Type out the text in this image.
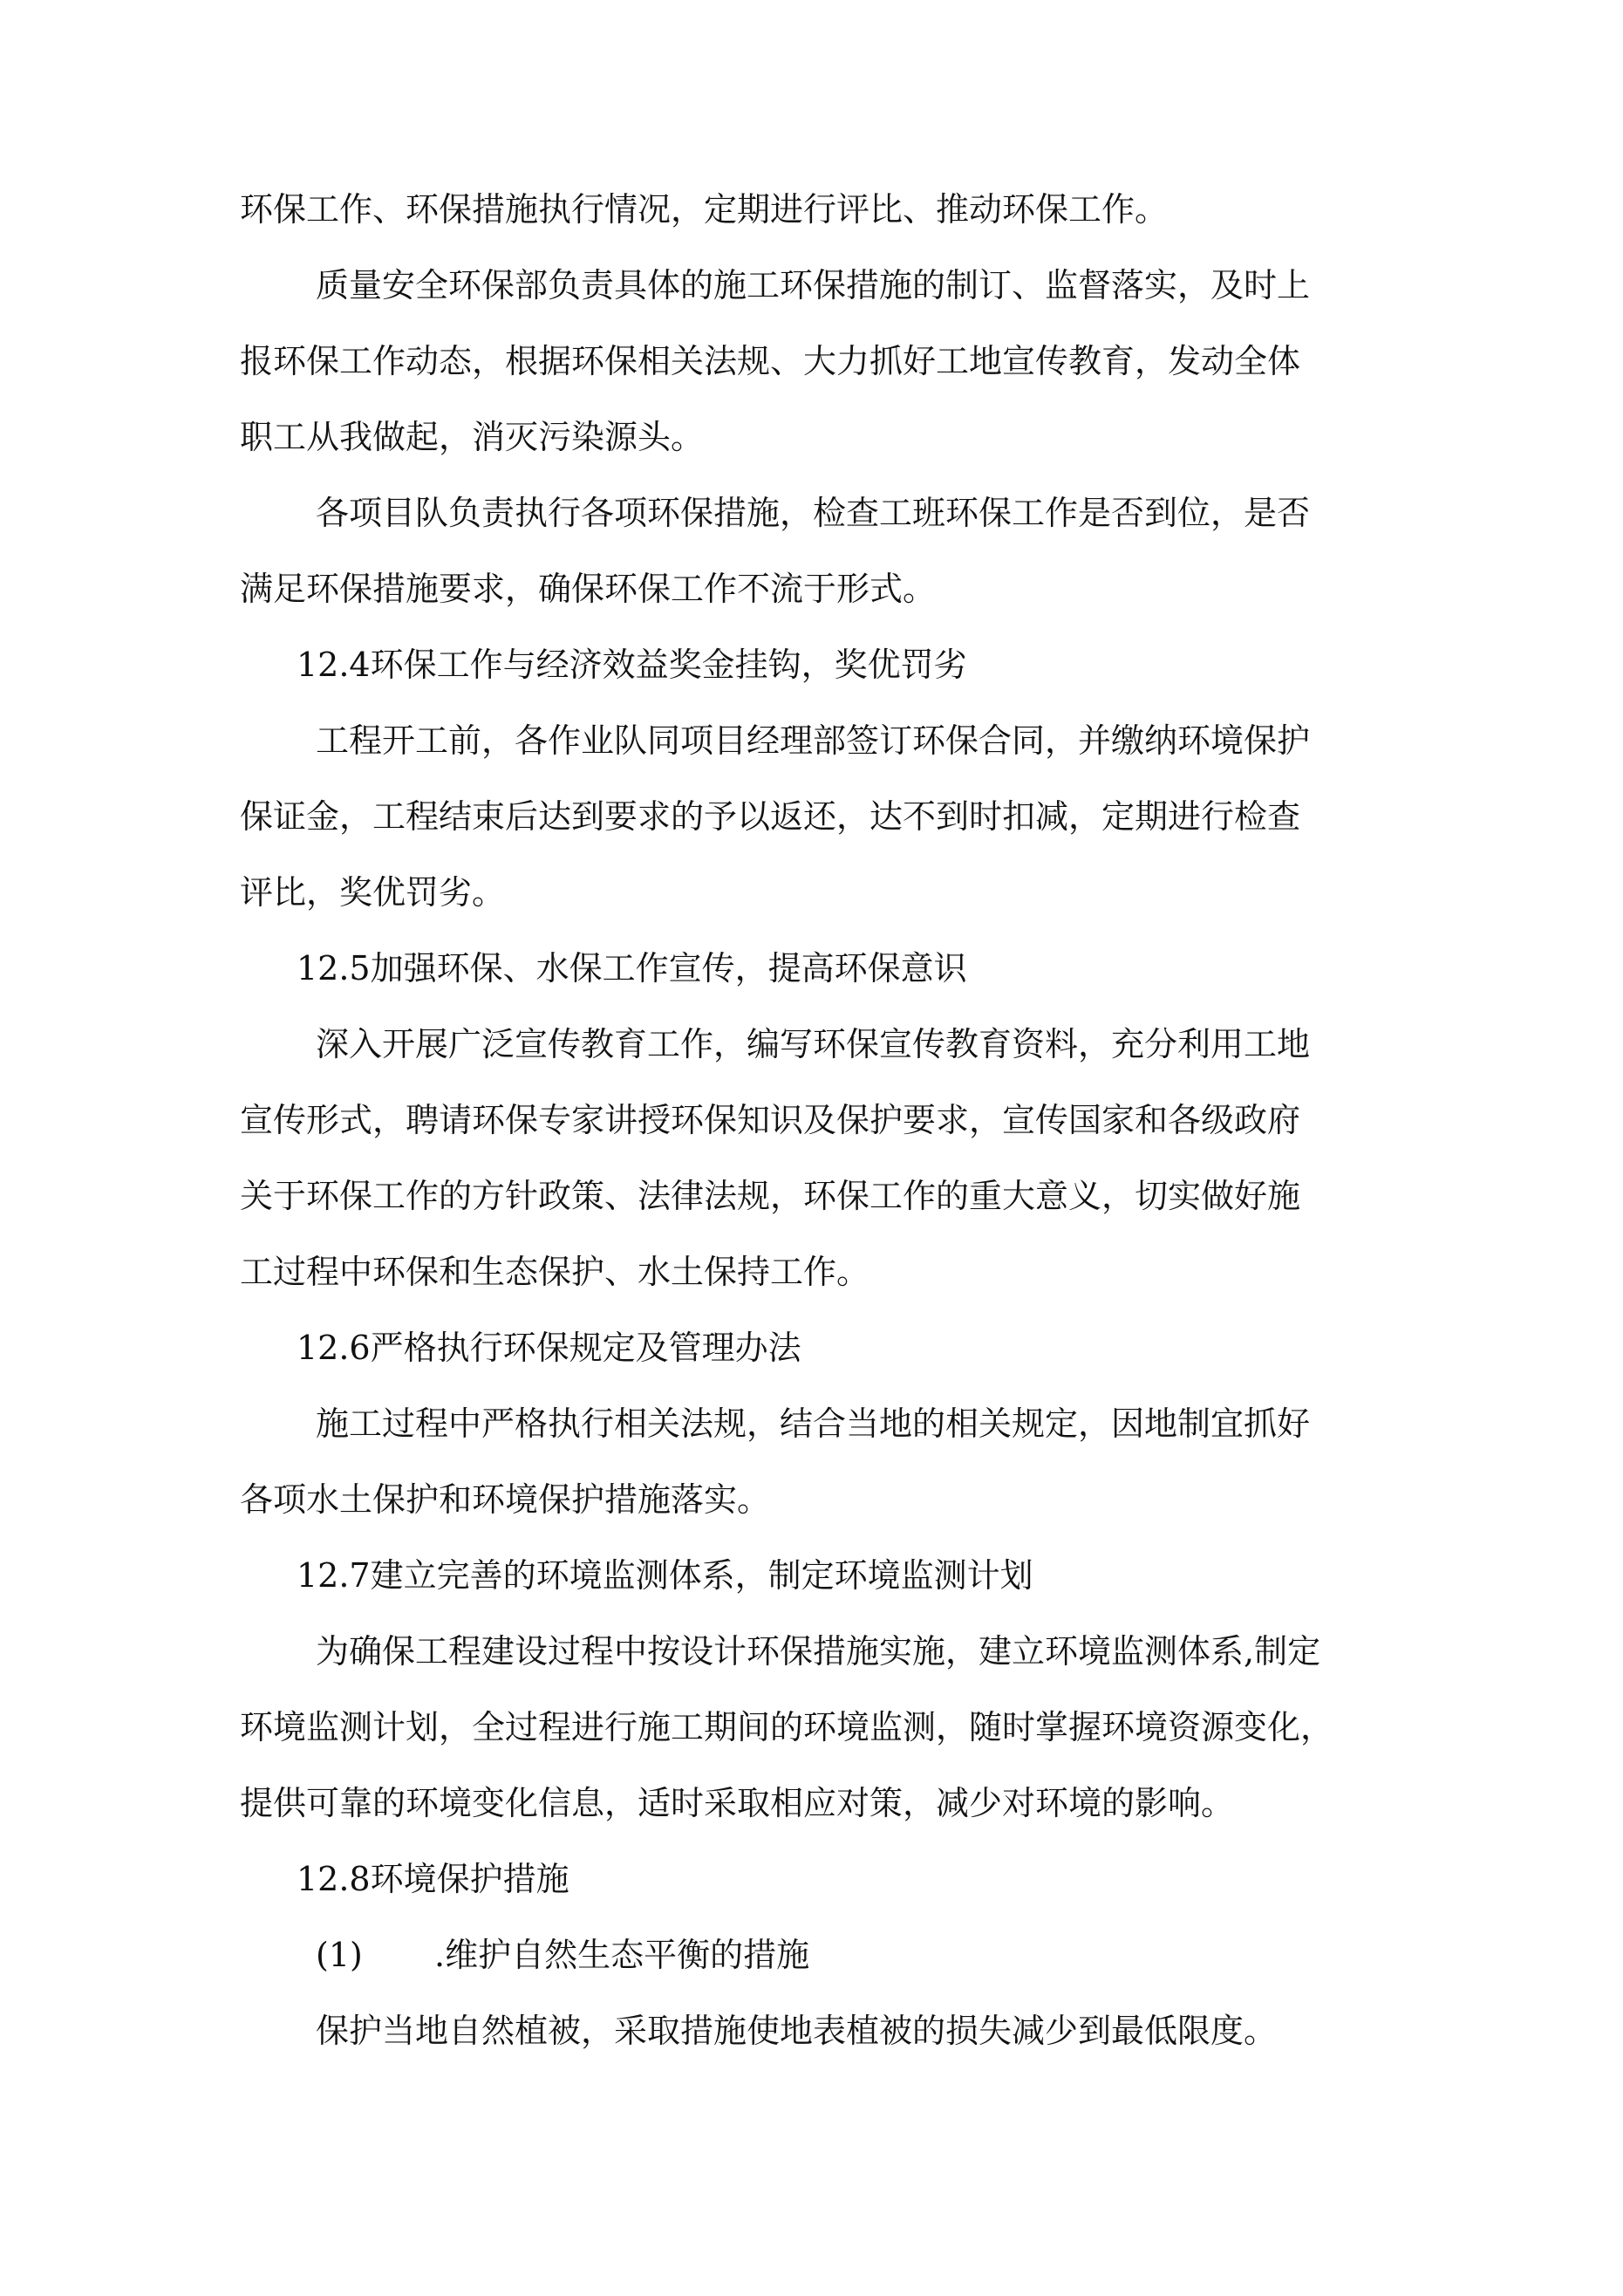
环保工作、环保措施执行情况，定期进行评比、推动环保工作。
质量安全环保部负责具体的施工环保措施的制订、监督落实，及时上
报环保工作动态，根据环保相关法规、大力抓好工地宣传教育，发动全体
职工从我做起，消灭污染源头。
各项目队负责执行各项环保措施，检查工班环保工作是否到位，是否
满足环保措施要求，确保环保工作不流于形式。
12.4环保工作与经济效益奖金挂钩，奖优罚劣
工程开工前，各作业队同项目经理部签订环保合同，并缴纳环境保护
保证金，工程结束后达到要求的予以返还，达不到时扣减，定期进行检查
评比，奖优罚劣。
12.5加强环保、水保工作宣传，提高环保意识
深入开展广泛宣传教育工作，编写环保宣传教育资料，充分利用工地
宣传形式，聘请环保专家讲授环保知识及保护要求，宣传国家和各级政府
关于环保工作的方针政策、法律法规，环保工作的重大意义，切实做好施
工过程中环保和生态保护、水土保持工作。
12.6严格执行环保规定及管理办法
施工过程中严格执行相关法规，结合当地的相关规定，因地制宜抓好
各项水土保护和环境保护措施落实。
12.7建立完善的环境监测体系，制定环境监测计划
为确保工程建设过程中按设计环保措施实施，建立环境监测体系,制定
环境监测计划，全过程进行施工期间的环境监测，随时掌握环境资源变化，
提供可靠的环境变化信息，适时采取相应对策，减少对环境的影响。
12.8环境保护措施
(1) .维护自然生态平衡的措施
保护当地自然植被，采取措施使地表植被的损失减少到最低限度。
